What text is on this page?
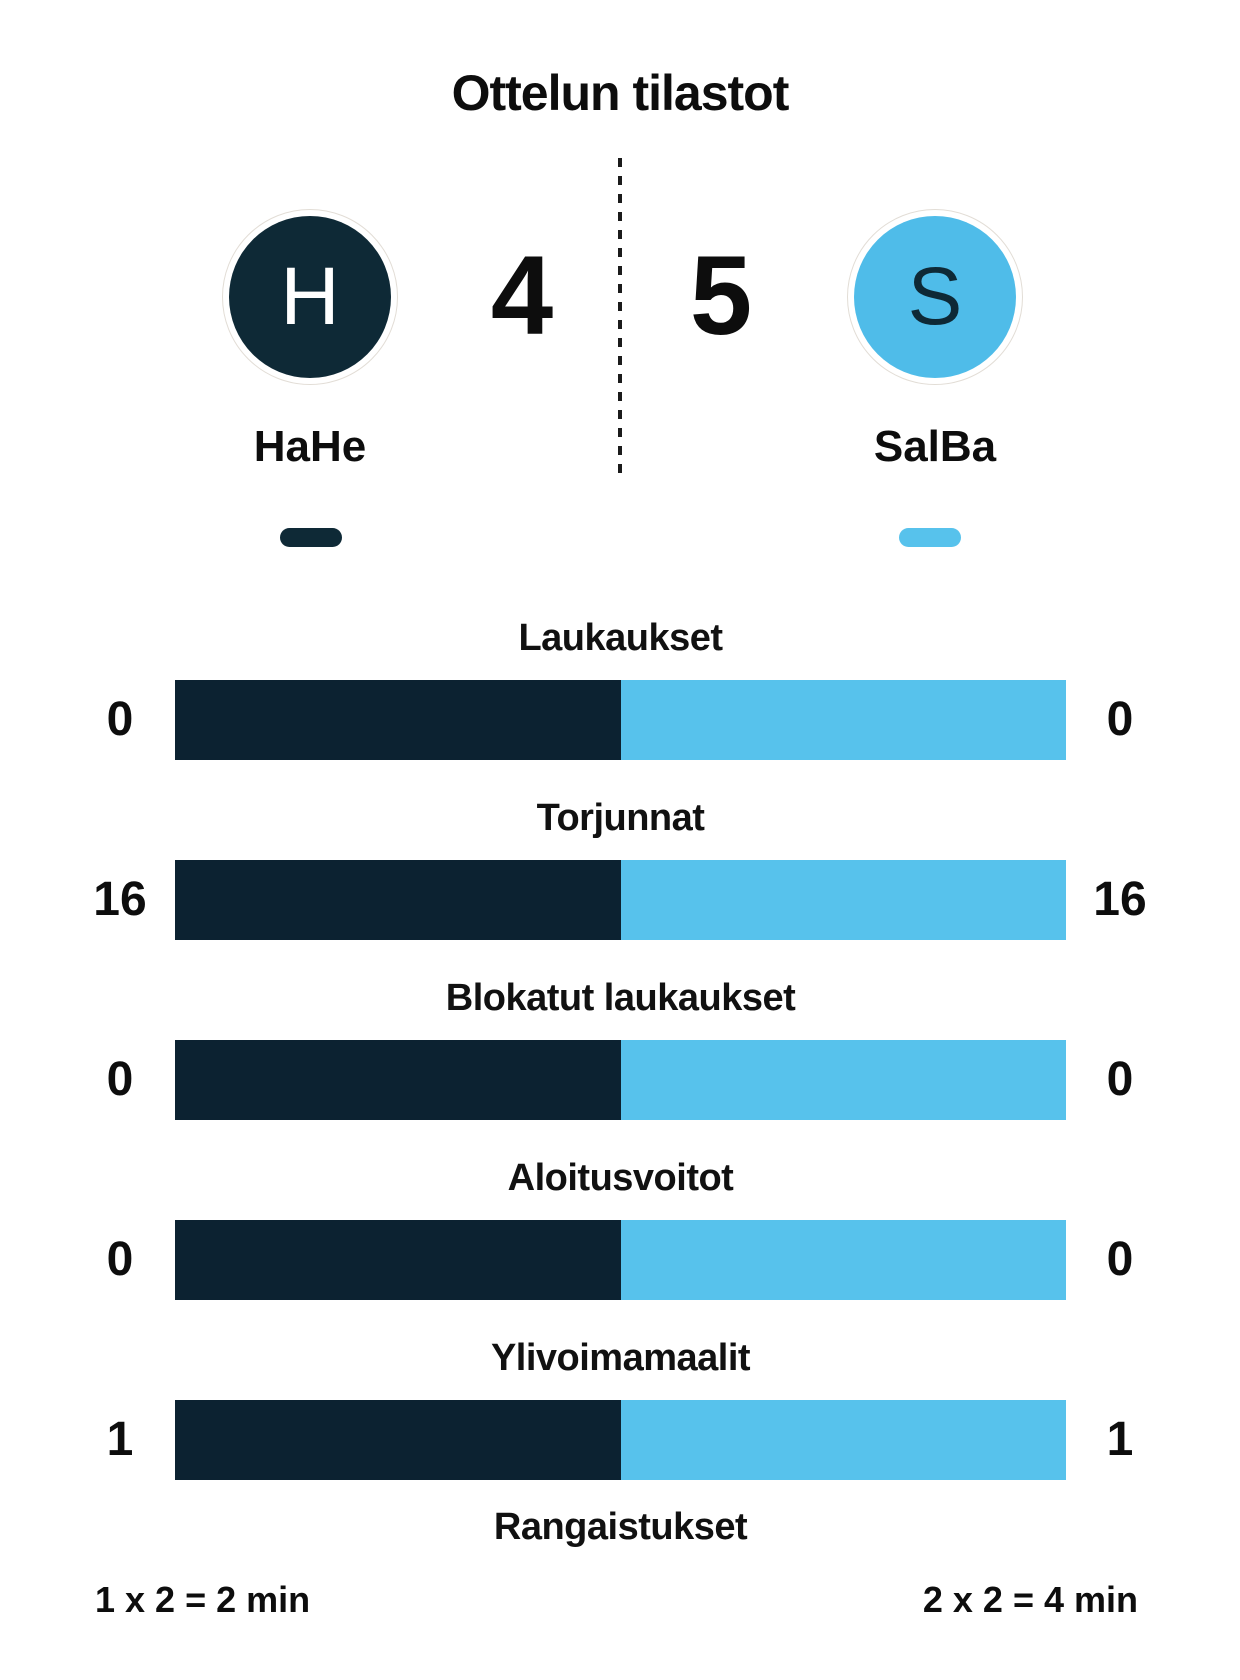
Ottelun tilastot
H	4	5	S
HaHe	SalBa
Laukaukset
0	0
Torjunnat
16	16
Blokatut laukaukset
0	0
Aloitusvoitot
0	0
Ylivoimamaalit
1	1
Rangaistukset
1 x 2 = 2 min	2 x 2 = 4 min
